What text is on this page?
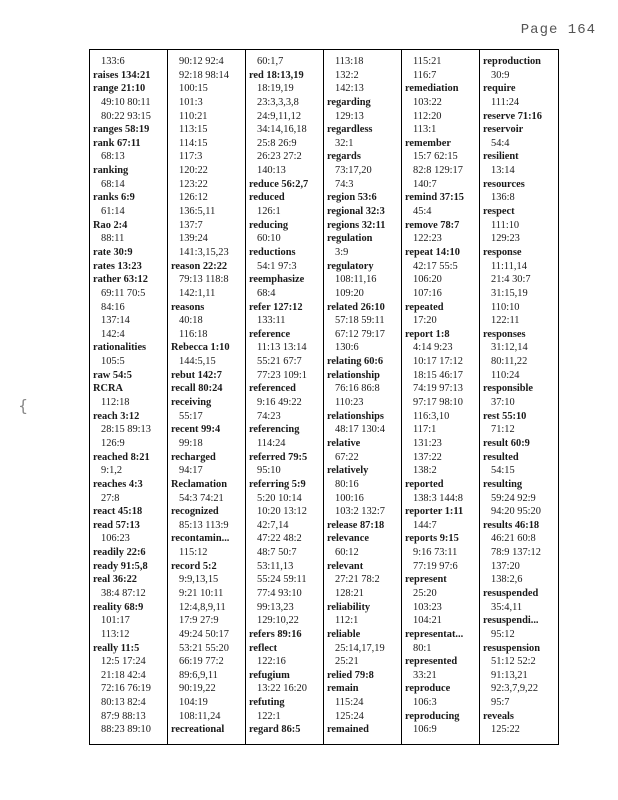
Page 164
{
133:6
raises 134:21
range 21:10
49:10 80:11
80:22 93:15
ranges 58:19
rank 67:11
68:13
ranking
68:14
ranks 6:9
61:14
Rao 2:4
88:11
rate 30:9
rates 13:23
rather 63:12
69:11 70:5
84:16
137:14
142:4
rationalities
105:5
raw 54:5
RCRA
112:18
reach 3:12
28:15 89:13
126:9
reached 8:21
9:1,2
reaches 4:3
27:8
react 45:18
read 57:13
106:23
readily 22:6
ready 91:5,8
real 36:22
38:4 87:12
reality 68:9
101:17
113:12
really 11:5
12:5 17:24
21:18 42:4
72:16 76:19
80:13 82:4
87:9 88:13
88:23 89:10
90:12 92:4
92:18 98:14
100:15
101:3
110:21
113:15
114:15
117:3
120:22
123:22
126:12
136:5,11
137:7
139:24
141:3,15,23
reason 22:22
79:13 118:8
142:1,11
reasons
40:18
116:18
Rebecca 1:10
144:5,15
rebut 142:7
recall 80:24
receiving
55:17
recent 99:4
99:18
recharged
94:17
Reclamation
54:3 74:21
recognized
85:13 113:9
recontamin...
115:12
record 5:2
9:9,13,15
9:21 10:11
12:4,8,9,11
17:9 27:9
49:24 50:17
53:21 55:20
66:19 77:2
89:6,9,11
90:19,22
104:19
108:11,24
recreational
60:1,7
red 18:13,19
18:19,19
23:3,3,3,8
24:9,11,12
34:14,16,18
25:8 26:9
26:23 27:2
140:13
reduce 56:2,7
reduced
126:1
reducing
60:10
reductions
54:1 97:3
reemphasize
68:4
refer 127:12
133:11
reference
11:13 13:14
55:21 67:7
77:23 109:1
referenced
9:16 49:22
74:23
referencing
114:24
referred 79:5
95:10
referring 5:9
5:20 10:14
10:20 13:12
42:7,14
47:22 48:2
48:7 50:7
53:11,13
55:24 59:11
77:4 93:10
99:13,23
129:10,22
refers 89:16
reflect
122:16
refugium
13:22 16:20
refuting
122:1
regard 86:5
113:18
132:2
142:13
regarding
129:13
regardless
32:1
regards
73:17,20
74:3
region 53:6
regional 32:3
regions 32:11
regulation
3:9
regulatory
108:11,16
109:20
related 26:10
57:18 59:11
67:12 79:17
130:6
relating 60:6
relationship
76:16 86:8
110:23
relationships
48:17 130:4
relative
67:22
relatively
80:16
100:16
103:2 132:7
release 87:18
relevance
60:12
relevant
27:21 78:2
128:21
reliability
112:1
reliable
25:14,17,19
25:21
relied 79:8
remain
115:24
125:24
remained
115:21
116:7
remediation
103:22
112:20
113:1
remember
15:7 62:15
82:8 129:17
140:7
remind 37:15
45:4
remove 78:7
122:23
repeat 14:10
42:17 55:5
106:20
107:16
repeated
17:20
report 1:8
4:14 9:23
10:17 17:12
18:15 46:17
74:19 97:13
97:17 98:10
116:3,10
117:1
131:23
137:22
138:2
reported
138:3 144:8
reporter 1:11
144:7
reports 9:15
9:16 73:11
77:19 97:6
represent
25:20
103:23
104:21
representat...
80:1
represented
33:21
reproduce
106:3
reproducing
106:9
reproduction
30:9
require
111:24
reserve 71:16
reservoir
54:4
resilient
13:14
resources
136:8
respect
111:10
129:23
response
11:11,14
21:4 30:7
31:15,19
110:10
122:11
responses
31:12,14
80:11,22
110:24
responsible
37:10
rest 55:10
71:12
result 60:9
resulted
54:15
resulting
59:24 92:9
94:20 95:20
results 46:18
46:21 60:8
78:9 137:12
137:20
138:2,6
resuspended
35:4,11
resuspendi...
95:12
resuspension
51:12 52:2
91:13,21
92:3,7,9,22
95:7
reveals
125:22
